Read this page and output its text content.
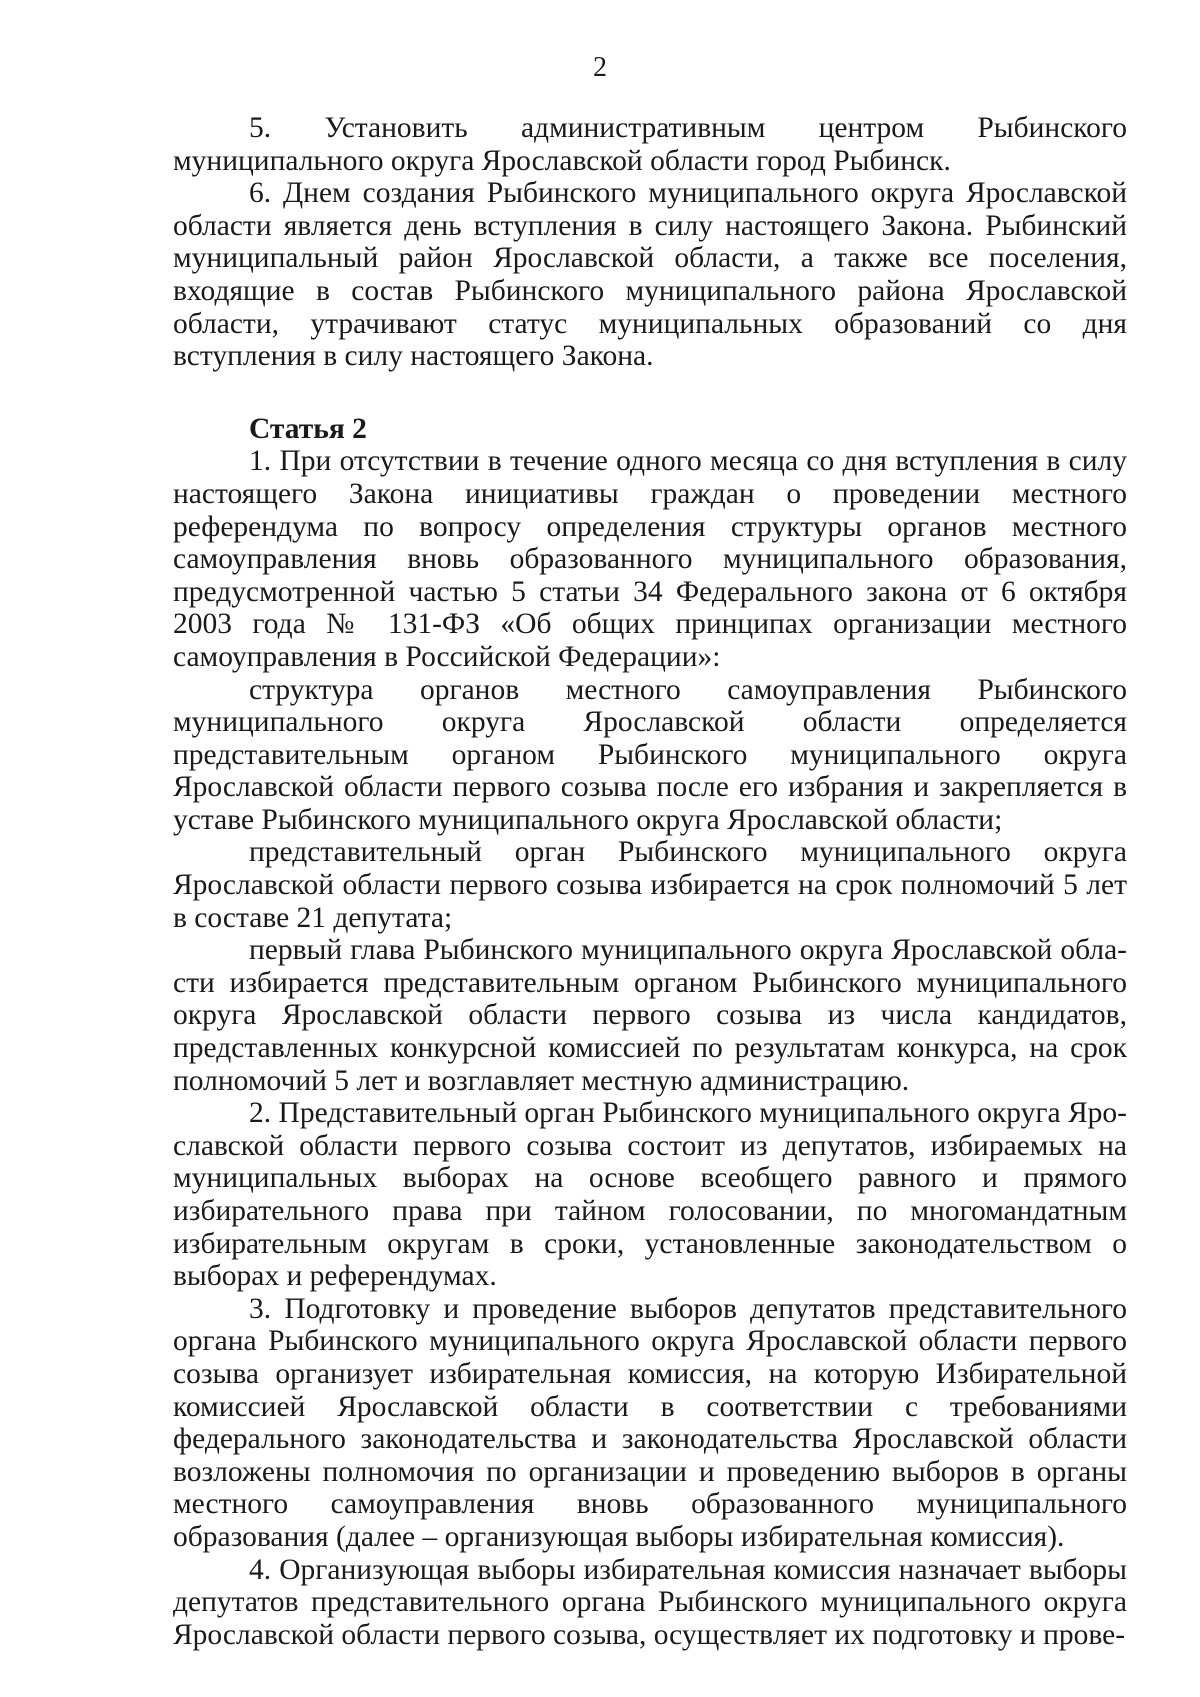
2

5. Установить административным центром Рыбинского муниципального округа Ярославской области город Рыбинск.

6. Днем создания Рыбинского муниципального округа Ярославской области является день вступления в силу настоящего Закона. Рыбинский муниципальный район Ярославской области, а также все поселения, входящие в состав Рыбинского муниципального района Ярославской области, утрачивают статус муниципальных образований со дня вступления в силу настоящего Закона.

Статья 2

1. При отсутствии в течение одного месяца со дня вступления в силу настоящего Закона инициативы граждан о проведении местного референдума по вопросу определения структуры органов местного самоуправления вновь образованного муниципального образования, предусмотренной частью 5 статьи 34 Федерального закона от 6 октября 2003 года № 131-ФЗ «Об общих принципах организации местного самоуправления в Российской Федерации»:

структура органов местного самоуправления Рыбинского муниципального округа Ярославской области определяется представительным органом Рыбинского муниципального округа Ярославской области первого созыва после его избрания и закрепляется в уставе Рыбинского муниципального округа Ярославской области;

представительный орган Рыбинского муниципального округа Ярославской области первого созыва избирается на срок полномочий 5 лет в составе 21 депутата;

первый глава Рыбинского муниципального округа Ярославской области избирается представительным органом Рыбинского муниципального округа Ярославской области первого созыва из числа кандидатов, представленных конкурсной комиссией по результатам конкурса, на срок полномочий 5 лет и возглавляет местную администрацию.

2. Представительный орган Рыбинского муниципального округа Ярославской области первого созыва состоит из депутатов, избираемых на муниципальных выборах на основе всеобщего равного и прямого избирательного права при тайном голосовании, по многомандатным избирательным округам в сроки, установленные законодательством о выборах и референдумах.

3. Подготовку и проведение выборов депутатов представительного органа Рыбинского муниципального округа Ярославской области первого созыва организует избирательная комиссия, на которую Избирательной комиссией Ярославской области в соответствии с требованиями федерального законодательства и законодательства Ярославской области возложены полномочия по организации и проведению выборов в органы местного самоуправления вновь образованного муниципального образования (далее – организующая выборы избирательная комиссия).

4. Организующая выборы избирательная комиссия назначает выборы депутатов представительного органа Рыбинского муниципального округа Ярославской области первого созыва, осуществляет их подготовку и прове-
